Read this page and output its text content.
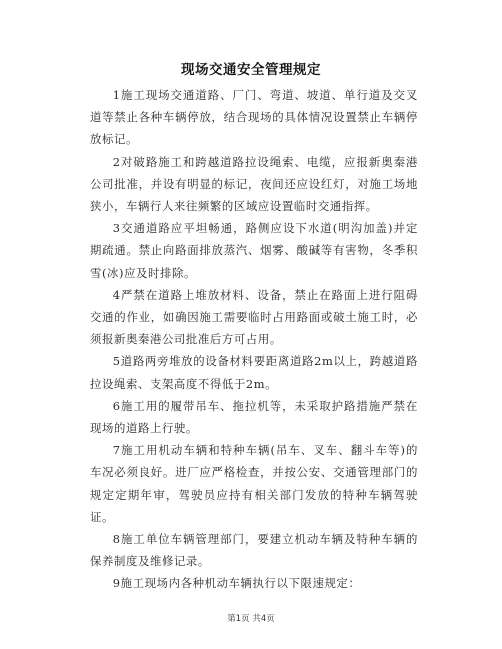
现场交通安全管理规定

1施工现场交通道路、厂门、弯道、坡道、单行道及交叉道等禁止各种车辆停放，结合现场的具体情况设置禁止车辆停放标记。

2对破路施工和跨越道路拉设绳索、电缆，应报新奥秦港公司批准，并设有明显的标记，夜间还应设红灯，对施工场地狭小，车辆行人来往频繁的区域应设置临时交通指挥。

3交通道路应平坦畅通，路侧应设下水道(明沟加盖)并定期疏通。禁止向路面排放蒸汽、烟雾、酸碱等有害物，冬季积雪(冰)应及时排除。

4严禁在道路上堆放材料、设备，禁止在路面上进行阻碍交通的作业，如确因施工需要临时占用路面或破土施工时，必须报新奥秦港公司批准后方可占用。

5道路两旁堆放的设备材料要距离道路2m以上，跨越道路拉设绳索、支架高度不得低于2m。

6施工用的履带吊车、拖拉机等，未采取护路措施严禁在现场的道路上行驶。

7施工用机动车辆和特种车辆(吊车、叉车、翻斗车等)的车况必须良好。进厂应严格检查，并按公安、交通管理部门的规定定期年审，驾驶员应持有相关部门发放的特种车辆驾驶证。

8施工单位车辆管理部门，要建立机动车辆及特种车辆的保养制度及维修记录。

9施工现场内各种机动车辆执行以下限速规定：

第1页 共4页
